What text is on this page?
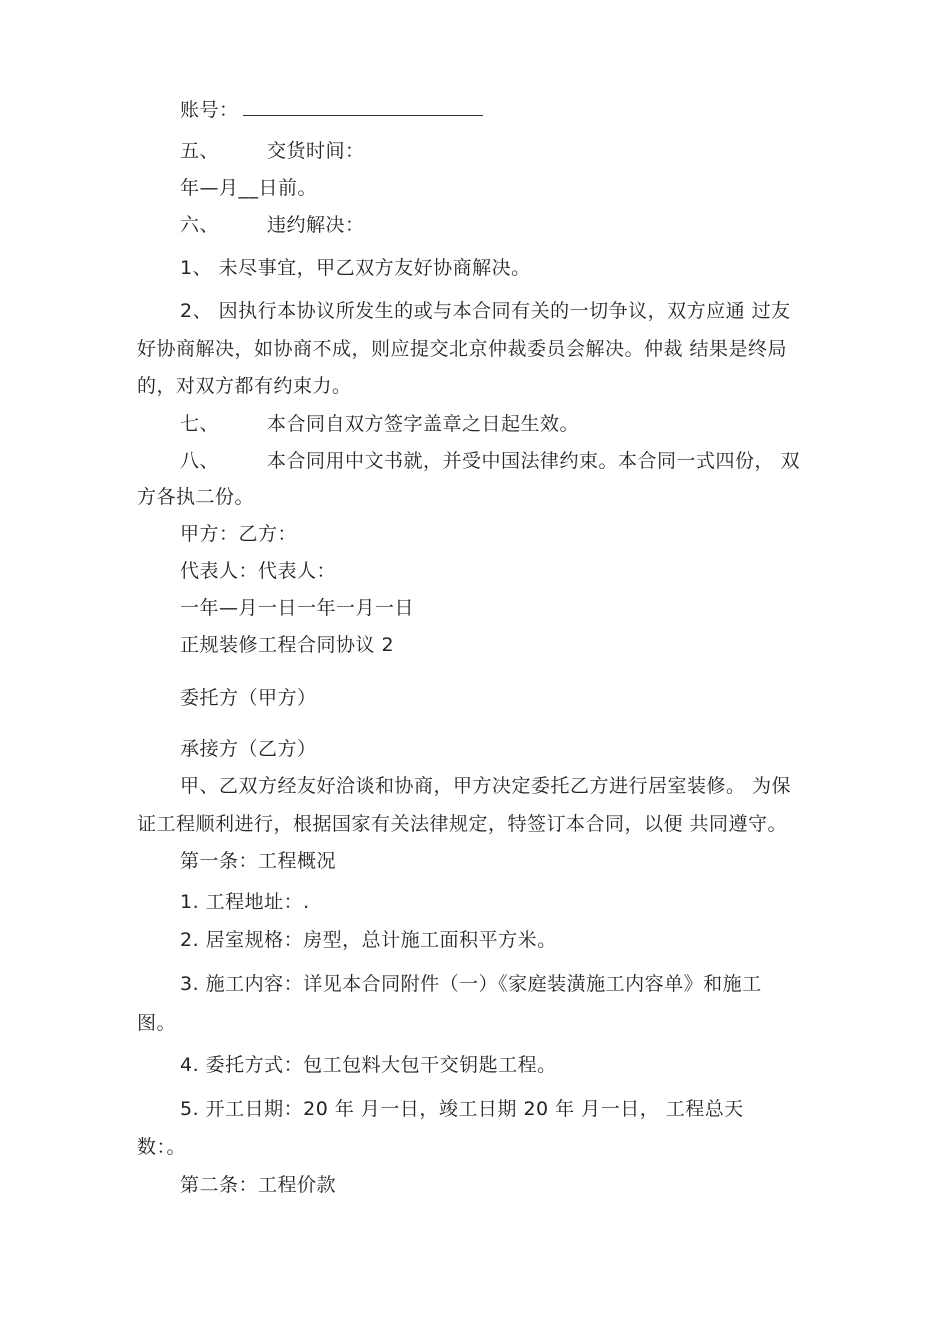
账号：
五、	交货时间：
年—月__日前。
六、	违约解决：
1、 未尽事宜，甲乙双方友好协商解决。
2、 因执行本协议所发生的或与本合同有关的一切争议，双方应通 过友
好协商解决，如协商不成，则应提交北京仲裁委员会解决。仲裁 结果是终局
的，对双方都有约束力。
七、	本合同自双方签字盖章之日起生效。
八、	本合同用中文书就，并受中国法律约束。本合同一式四份， 双
方各执二份。
甲方：乙方：
代表人：代表人：
一年—月一日一年一月一日
正规装修工程合同协议 2
委托方（甲方）
承接方（乙方）
甲、乙双方经友好洽谈和协商，甲方决定委托乙方进行居室装修。 为保
证工程顺利进行，根据国家有关法律规定，特签订本合同，以便 共同遵守。
第一条：工程概况
1. 工程地址：.
2. 居室规格：房型，总计施工面积平方米。
3. 施工内容：详见本合同附件（一）《家庭装潢施工内容单》和施工
图。
4. 委托方式：包工包料大包干交钥匙工程。
5. 开工日期：20 年 月一日，竣工日期 20 年 月一日， 工程总天
数：。
第二条：工程价款
